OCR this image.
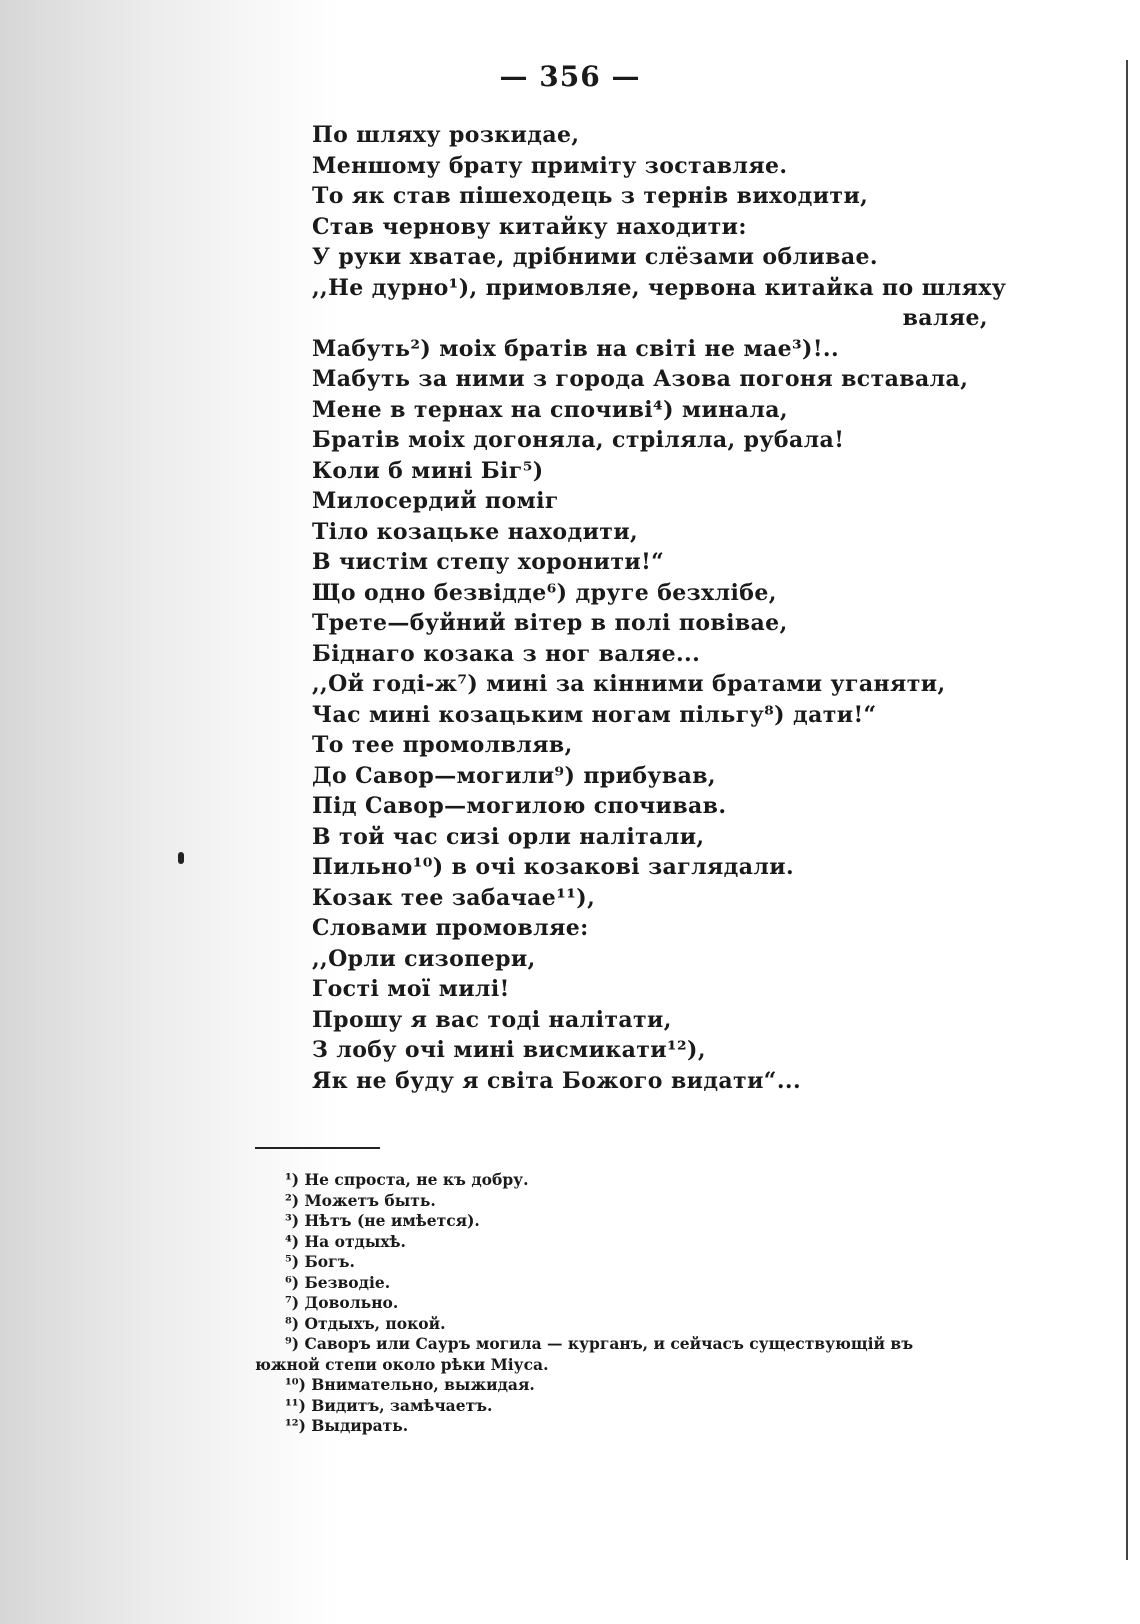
— 356 —
По шляху розкидае,
Меншому брату приміту зоставляе.
То як став пішеходець з тернів виходити,
Став чернову китайку находити:
У руки хватае, дрібними слёзами обливае.
,,Не дурно¹), примовляе, червона китайка по шляху
валяе,
Мабуть²) моіх братів на світі не мае³)!..
Мабуть за ними з города Азова погоня вставала,
Мене в тернах на спочиві⁴) минала,
Братів моіх догоняла, стріляла, рубала!
Коли б мині Біг⁵)
Милосердий поміг
Тіло козацьке находити,
В чистім степу хоронити!“
Що одно безвідде⁶) друге безхлібе,
Трете—буйний вітер в полі повівае,
Біднаго козака з ног валяе...
,,Ой годі-ж⁷) мині за кінними братами уганяти,
Час мині козацьким ногам пільгу⁸) дати!“
То тее промолвляв,
До Савор—могили⁹) прибував,
Під Савор—могилою спочивав.
В той час сизі орли налітали,
Пильно¹⁰) в очі козакові заглядали.
Козак тее забачае¹¹),
Словами промовляе:
,,Орли сизопери,
Гості мої милі!
Прошу я вас тоді налітати,
З лобу очі мині висмикати¹²),
Як не буду я світа Божого видати“...
¹) Не спроста, не къ добру.
²) Можетъ быть.
³) Нѣтъ (не имѣется).
⁴) На отдыхѣ.
⁵) Богъ.
⁶) Безводіе.
⁷) Довольно.
⁸) Отдыхъ, покой.
⁹) Саворъ или Сауръ могила — курганъ, и сейчасъ существующій въ
южной степи около рѣки Міуса.
¹⁰) Внимательно, выжидая.
¹¹) Видитъ, замѣчаетъ.
¹²) Выдирать.
